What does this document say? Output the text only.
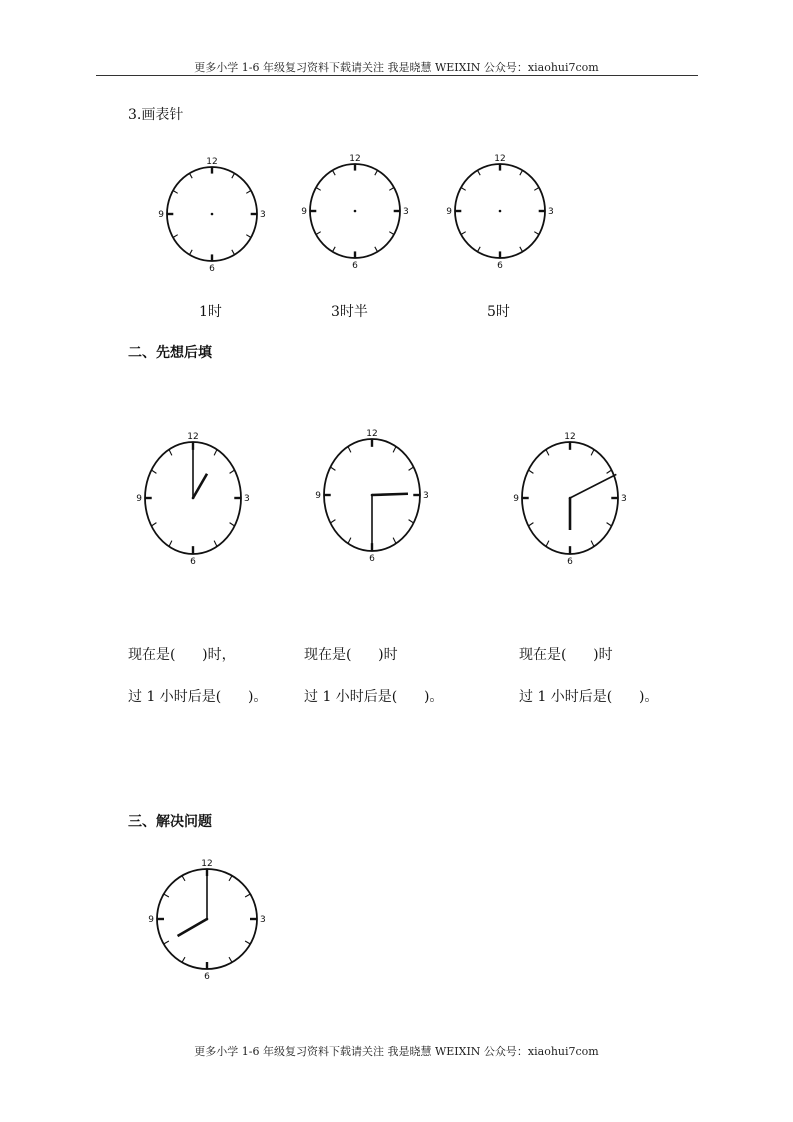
更多小学 1-6 年级复习资料下载请关注 我是晓慧 WEIXIN 公众号：xiaohui7com
3.画表针
12
3
6
9
12
3
6
9
12
3
6
9
1时	3时半	5时
二、先想后填
12
3
6
9
12
3
6
9
12
3
6
9
现在是(      )时，	现在是(      )时	现在是(      )时
过 1 小时后是(      )。	过 1 小时后是(      )。	过 1 小时后是(      )。
三、解决问题
12
3
6
9
更多小学 1-6 年级复习资料下载请关注 我是晓慧 WEIXIN 公众号：xiaohui7com
